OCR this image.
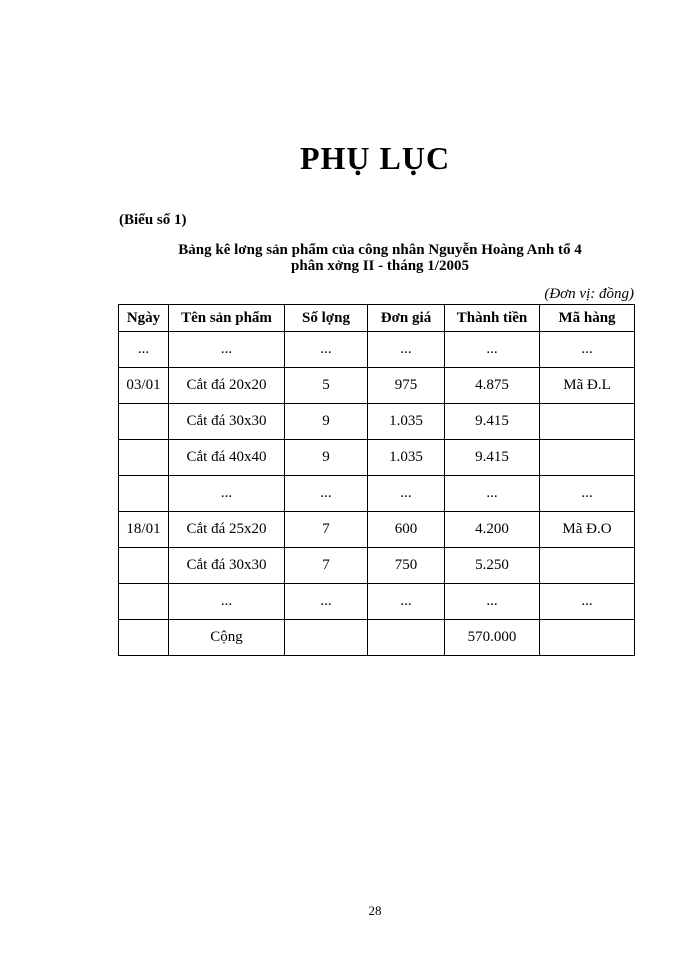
PHỤ LỤC
(Biểu số 1)
Bảng kê lơng sản phẩm của công nhân Nguyễn Hoàng Anh tổ 4
phân xởng II - tháng 1/2005
(Đơn vị: đồng)
Ngày	Tên sản phẩm	Số lợng	Đơn giá	Thành tiền	Mã hàng
...	...	...	...	...	...
03/01	Cắt đá 20x20	5	975	4.875	Mã Đ.L
	Cắt đá 30x30	9	1.035	9.415	
	Cắt đá 40x40	9	1.035	9.415	
	...	...	...	...	...
18/01	Cắt đá 25x20	7	600	4.200	Mã Đ.O
	Cắt đá 30x30	7	750	5.250	
	...	...	...	...	...
	Cộng			570.000	
28
